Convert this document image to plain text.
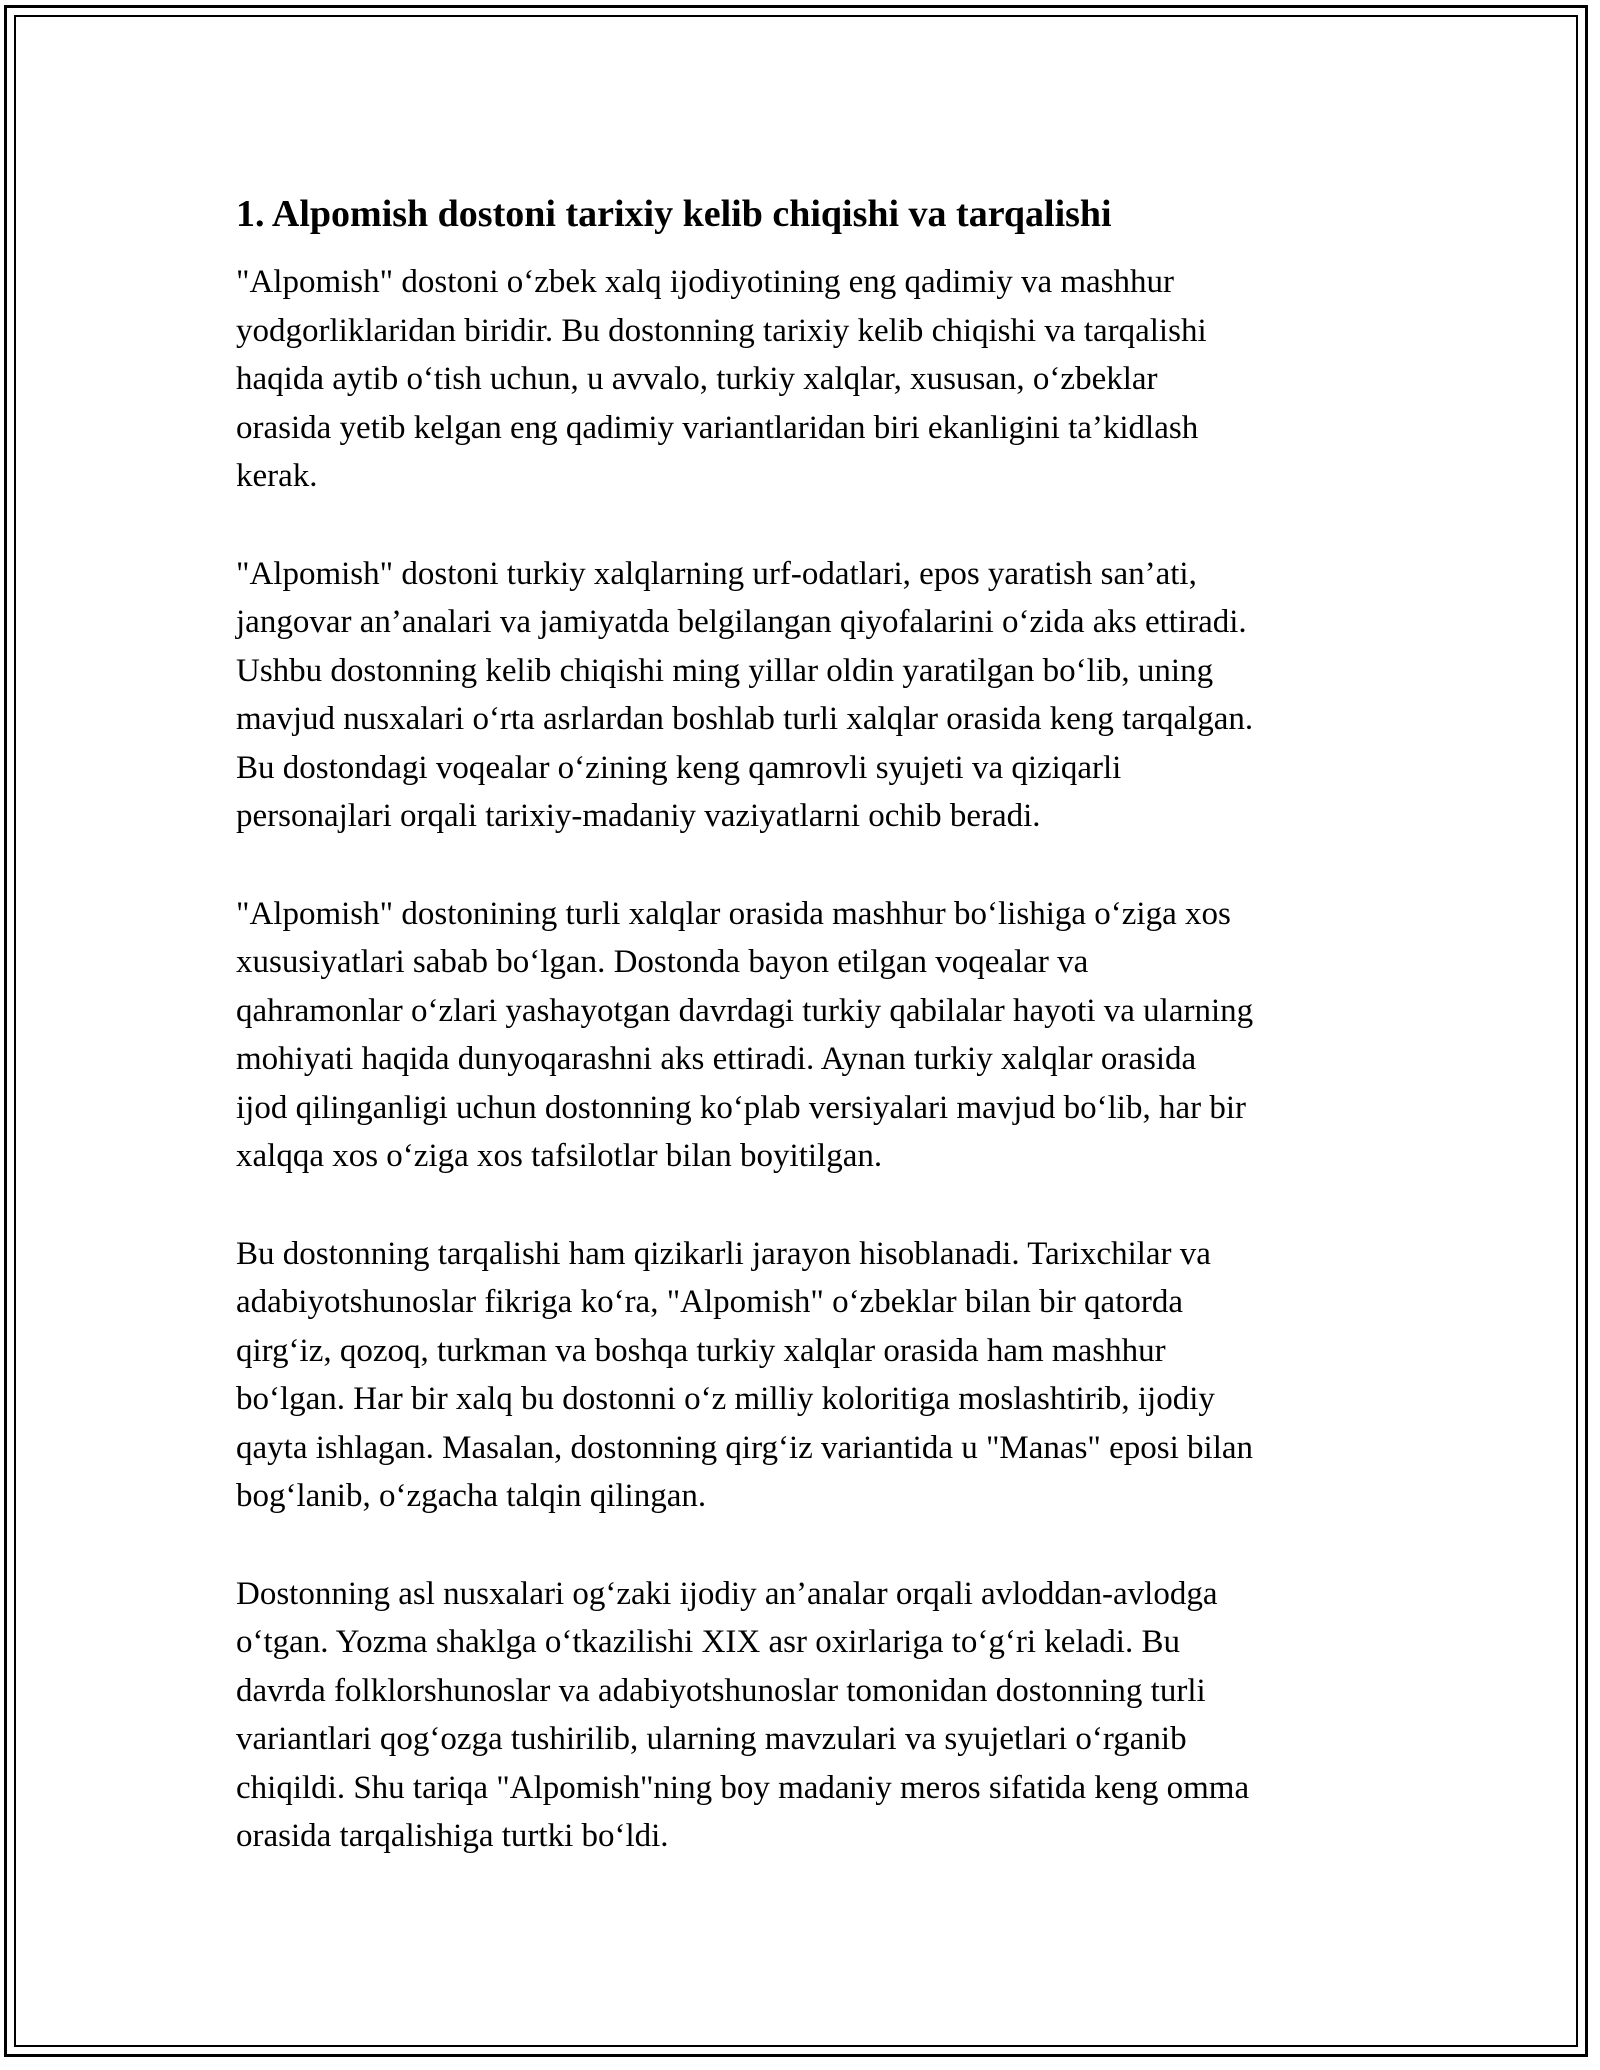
1. Alpomish dostoni tarixiy kelib chiqishi va tarqalishi

"Alpomish" dostoni o‘zbek xalq ijodiyotining eng qadimiy va mashhur
yodgorliklaridan biridir. Bu dostonning tarixiy kelib chiqishi va tarqalishi
haqida aytib o‘tish uchun, u avvalo, turkiy xalqlar, xususan, o‘zbeklar
orasida yetib kelgan eng qadimiy variantlaridan biri ekanligini ta’kidlash
kerak.

"Alpomish" dostoni turkiy xalqlarning urf-odatlari, epos yaratish san’ati,
jangovar an’analari va jamiyatda belgilangan qiyofalarini o‘zida aks ettiradi.
Ushbu dostonning kelib chiqishi ming yillar oldin yaratilgan bo‘lib, uning
mavjud nusxalari o‘rta asrlardan boshlab turli xalqlar orasida keng tarqalgan.
Bu dostondagi voqealar o‘zining keng qamrovli syujeti va qiziqarli
personajlari orqali tarixiy-madaniy vaziyatlarni ochib beradi.

"Alpomish" dostonining turli xalqlar orasida mashhur bo‘lishiga o‘ziga xos
xususiyatlari sabab bo‘lgan. Dostonda bayon etilgan voqealar va
qahramonlar o‘zlari yashayotgan davrdagi turkiy qabilalar hayoti va ularning
mohiyati haqida dunyoqarashni aks ettiradi. Aynan turkiy xalqlar orasida
ijod qilinganligi uchun dostonning ko‘plab versiyalari mavjud bo‘lib, har bir
xalqqa xos o‘ziga xos tafsilotlar bilan boyitilgan.

Bu dostonning tarqalishi ham qizikarli jarayon hisoblanadi. Tarixchilar va
adabiyotshunoslar fikriga ko‘ra, "Alpomish" o‘zbeklar bilan bir qatorda
qirg‘iz, qozoq, turkman va boshqa turkiy xalqlar orasida ham mashhur
bo‘lgan. Har bir xalq bu dostonni o‘z milliy koloritiga moslashtirib, ijodiy
qayta ishlagan. Masalan, dostonning qirg‘iz variantida u "Manas" eposi bilan
bog‘lanib, o‘zgacha talqin qilingan.

Dostonning asl nusxalari og‘zaki ijodiy an’analar orqali avloddan-avlodga
o‘tgan. Yozma shaklga o‘tkazilishi XIX asr oxirlariga to‘g‘ri keladi. Bu
davrda folklorshunoslar va adabiyotshunoslar tomonidan dostonning turli
variantlari qog‘ozga tushirilib, ularning mavzulari va syujetlari o‘rganib
chiqildi. Shu tariqa "Alpomish"ning boy madaniy meros sifatida keng omma
orasida tarqalishiga turtki bo‘ldi.
